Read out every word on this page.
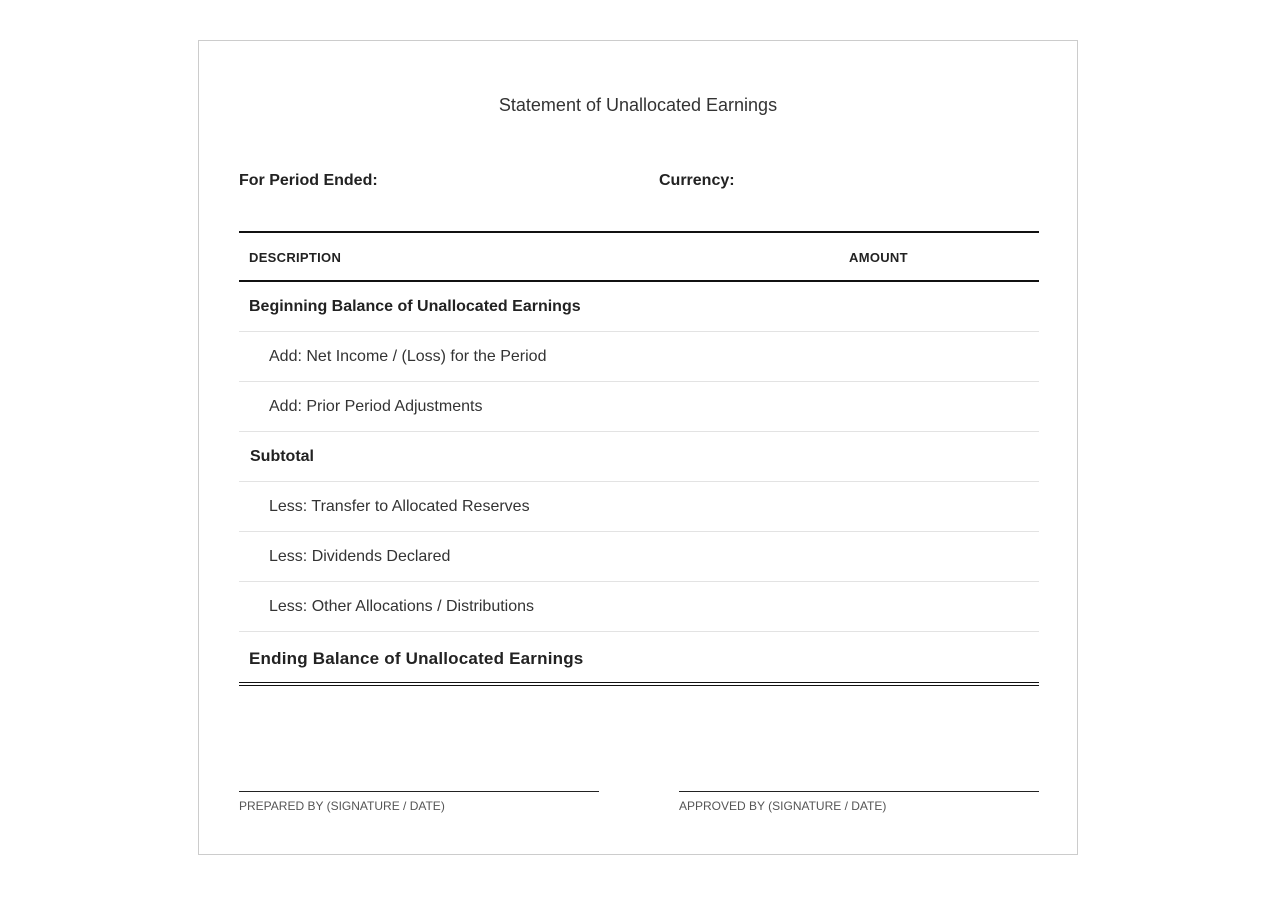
Statement of Unallocated Earnings
For Period Ended:	Currency:
DESCRIPTION	AMOUNT
Beginning Balance of Unallocated Earnings
Add: Net Income / (Loss) for the Period
Add: Prior Period Adjustments
Subtotal
Less: Transfer to Allocated Reserves
Less: Dividends Declared
Less: Other Allocations / Distributions
Ending Balance of Unallocated Earnings
PREPARED BY (SIGNATURE / DATE)	APPROVED BY (SIGNATURE / DATE)
